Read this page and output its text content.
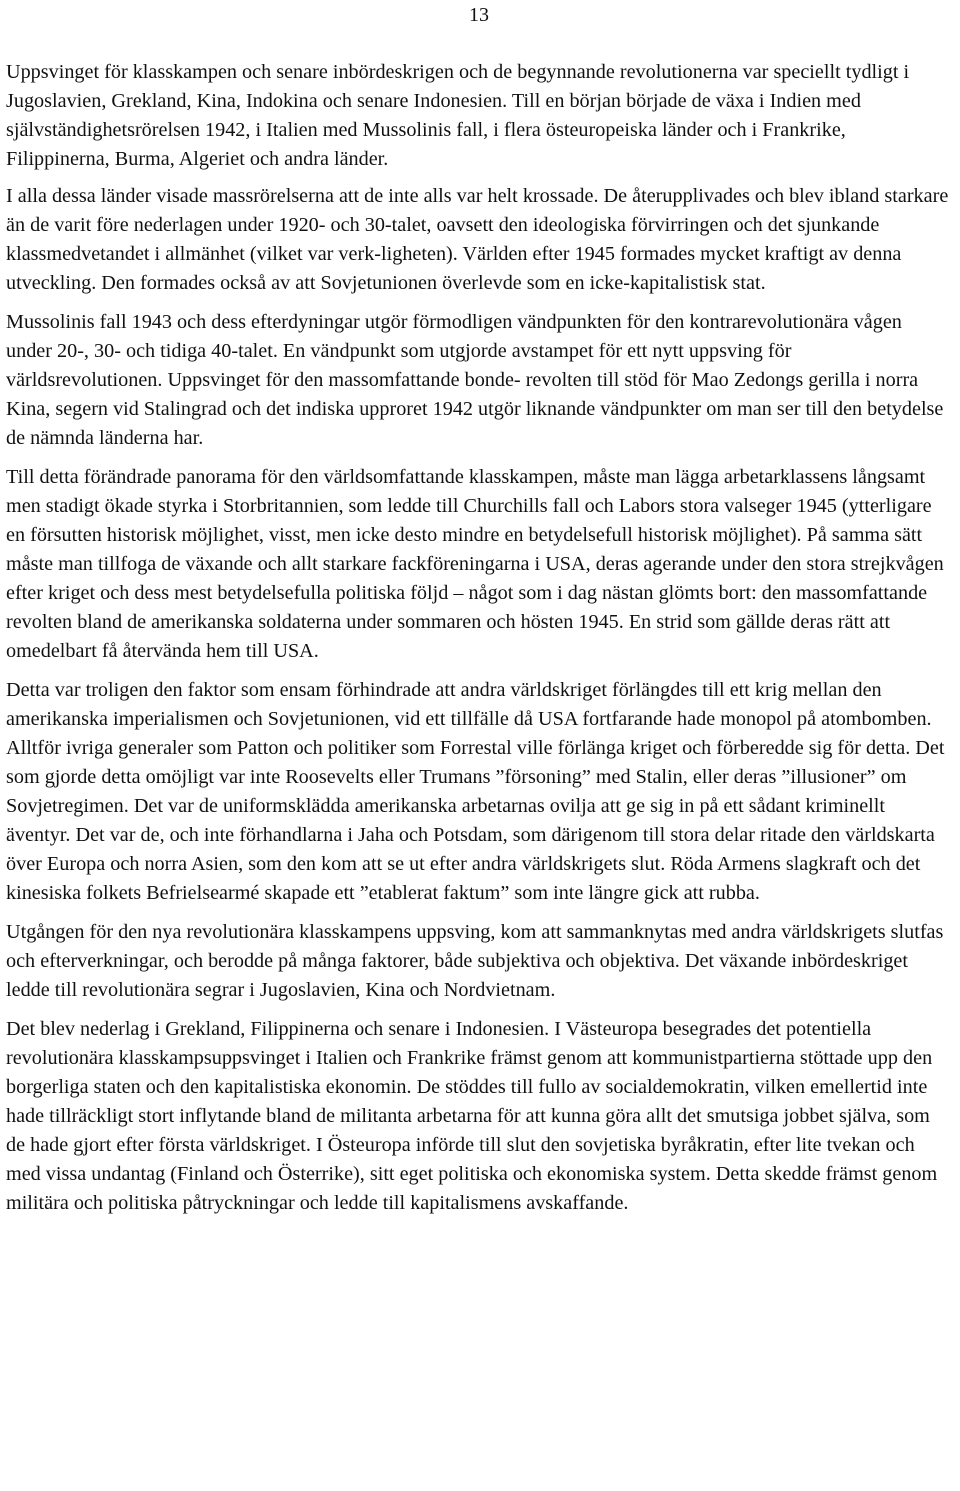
13

Uppsvinget för klasskampen och senare inbördeskrigen och de begynnande revolutionerna var speciellt tydligt i Jugoslavien, Grekland, Kina, Indokina och senare Indonesien. Till en början började de växa i Indien med självständighetsrörelsen 1942, i Italien med Mussolinis fall, i flera östeuropeiska länder och i Frankrike, Filippinerna, Burma, Algeriet och andra länder.

I alla dessa länder visade massrörelserna att de inte alls var helt krossade. De återupplivades och blev ibland starkare än de varit före nederlagen under 1920- och 30-talet, oavsett den ideologiska förvirringen och det sjunkande klassmedvetandet i allmänhet (vilket var verk-ligheten). Världen efter 1945 formades mycket kraftigt av denna utveckling. Den formades också av att Sovjetunionen överlevde som en icke-kapitalistisk stat.

Mussolinis fall 1943 och dess efterdyningar utgör förmodligen vändpunkten för den kontrarevolutionära vågen under 20-, 30- och tidiga 40-talet. En vändpunkt som utgjorde avstampet för ett nytt uppsving för världsrevolutionen. Uppsvinget för den massomfattande bonde- revolten till stöd för Mao Zedongs gerilla i norra Kina, segern vid Stalingrad och det indiska upproret 1942 utgör liknande vändpunkter om man ser till den betydelse de nämnda länderna har.

Till detta förändrade panorama för den världsomfattande klasskampen, måste man lägga arbetarklassens långsamt men stadigt ökade styrka i Storbritannien, som ledde till Churchills fall och Labors stora valseger 1945 (ytterligare en försutten historisk möjlighet, visst, men icke desto mindre en betydelsefull historisk möjlighet). På samma sätt måste man tillfoga de växande och allt starkare fackföreningarna i USA, deras agerande under den stora strejkvågen efter kriget och dess mest betydelsefulla politiska följd – något som i dag nästan glömts bort: den massomfattande revolten bland de amerikanska soldaterna under sommaren och hösten 1945. En strid som gällde deras rätt att omedelbart få återvända hem till USA.

Detta var troligen den faktor som ensam förhindrade att andra världskriget förlängdes till ett krig mellan den amerikanska imperialismen och Sovjetunionen, vid ett tillfälle då USA fortfarande hade monopol på atombomben. Alltför ivriga generaler som Patton och politiker som Forrestal ville förlänga kriget och förberedde sig för detta. Det som gjorde detta omöjligt var inte Roosevelts eller Trumans ”försoning” med Stalin, eller deras ”illusioner” om Sovjetregimen. Det var de uniformsklädda amerikanska arbetarnas ovilja att ge sig in på ett sådant kriminellt äventyr. Det var de, och inte förhandlarna i Jaha och Potsdam, som därigenom till stora delar ritade den världskarta över Europa och norra Asien, som den kom att se ut efter andra världskrigets slut. Röda Armens slagkraft och det kinesiska folkets Befrielsearmé skapade ett ”etablerat faktum” som inte längre gick att rubba.

Utgången för den nya revolutionära klasskampens uppsving, kom att sammanknytas med andra världskrigets slutfas och efterverkningar, och berodde på många faktorer, både subjektiva och objektiva. Det växande inbördeskriget ledde till revolutionära segrar i Jugoslavien, Kina och Nordvietnam.

Det blev nederlag i Grekland, Filippinerna och senare i Indonesien. I Västeuropa besegrades det potentiella revolutionära klasskampsuppsvinget i Italien och Frankrike främst genom att kommunistpartierna stöttade upp den borgerliga staten och den kapitalistiska ekonomin. De stöddes till fullo av socialdemokratin, vilken emellertid inte hade tillräckligt stort inflytande bland de militanta arbetarna för att kunna göra allt det smutsiga jobbet själva, som de hade gjort efter första världskriget. I Östeuropa införde till slut den sovjetiska byråkratin, efter lite tvekan och med vissa undantag (Finland och Österrike), sitt eget politiska och ekonomiska system. Detta skedde främst genom militära och politiska påtryckningar och ledde till kapitalismens avskaffande.
